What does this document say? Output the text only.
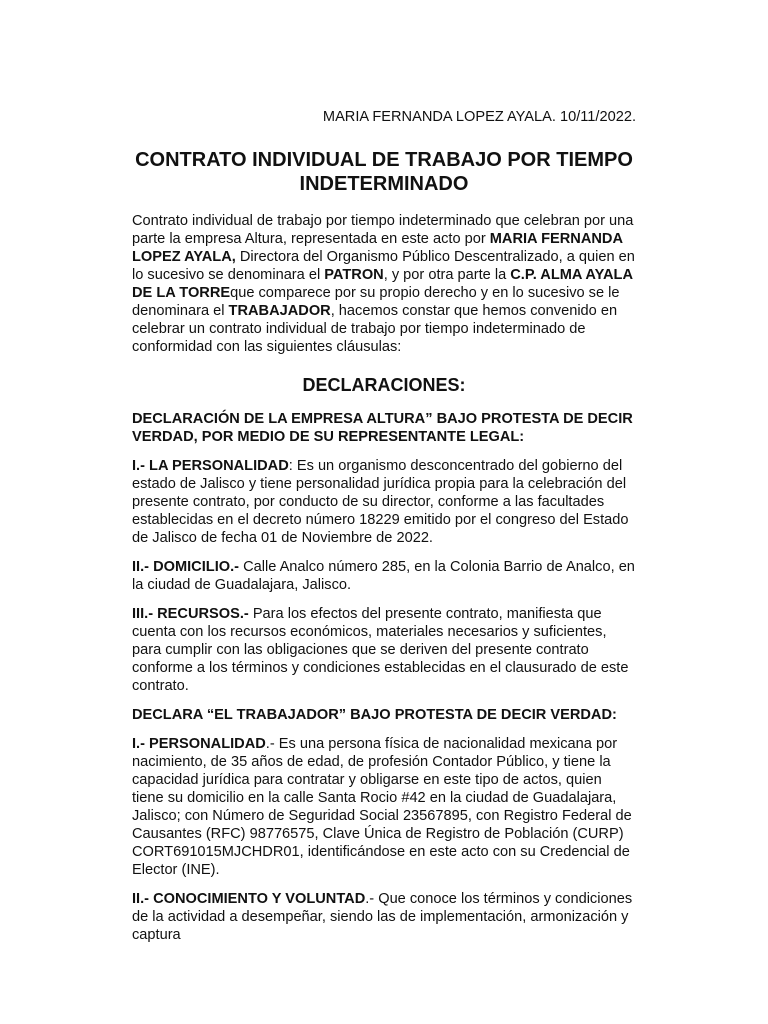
MARIA FERNANDA LOPEZ AYALA. 10/11/2022.
CONTRATO INDIVIDUAL DE TRABAJO POR TIEMPO
INDETERMINADO

Contrato individual de trabajo por tiempo indeterminado que celebran por una parte la empresa Altura, representada en este acto por MARIA FERNANDA LOPEZ AYALA, Directora del Organismo Público Descentralizado, a quien en lo sucesivo se denominara el PATRON, y por otra parte la C.P. ALMA AYALA DE LA TORREque comparece por su propio derecho y en lo sucesivo se le denominara el TRABAJADOR, hacemos constar que hemos convenido en celebrar un contrato individual de trabajo por tiempo indeterminado de conformidad con las siguientes cláusulas:

DECLARACIONES:

DECLARACIÓN DE LA EMPRESA ALTURA” BAJO PROTESTA DE DECIR VERDAD, POR MEDIO DE SU REPRESENTANTE LEGAL:

I.- LA PERSONALIDAD: Es un organismo desconcentrado del gobierno del estado de Jalisco y tiene personalidad jurídica propia para la celebración del presente contrato, por conducto de su director, conforme a las facultades establecidas en el decreto número 18229 emitido por el congreso del Estado de Jalisco de fecha 01 de Noviembre de 2022.

II.- DOMICILIO.- Calle Analco número 285, en la Colonia Barrio de Analco, en la ciudad de Guadalajara, Jalisco.

III.- RECURSOS.- Para los efectos del presente contrato, manifiesta que cuenta con los recursos económicos, materiales necesarios y suficientes, para cumplir con las obligaciones que se deriven del presente contrato conforme a los términos y condiciones establecidas en el clausurado de este contrato.

DECLARA “EL TRABAJADOR” BAJO PROTESTA DE DECIR VERDAD:

I.- PERSONALIDAD.- Es una persona física de nacionalidad mexicana por nacimiento, de 35 años de edad, de profesión Contador Público, y tiene la capacidad jurídica para contratar y obligarse en este tipo de actos, quien tiene su domicilio en la calle Santa Rocio #42 en la ciudad de Guadalajara, Jalisco; con Número de Seguridad Social 23567895, con Registro Federal de Causantes (RFC) 98776575, Clave Única de Registro de Población (CURP) CORT691015MJCHDR01, identificándose en este acto con su Credencial de Elector (INE).

II.- CONOCIMIENTO Y VOLUNTAD.- Que conoce los términos y condiciones de la actividad a desempeñar, siendo las de implementación, armonización y captura
